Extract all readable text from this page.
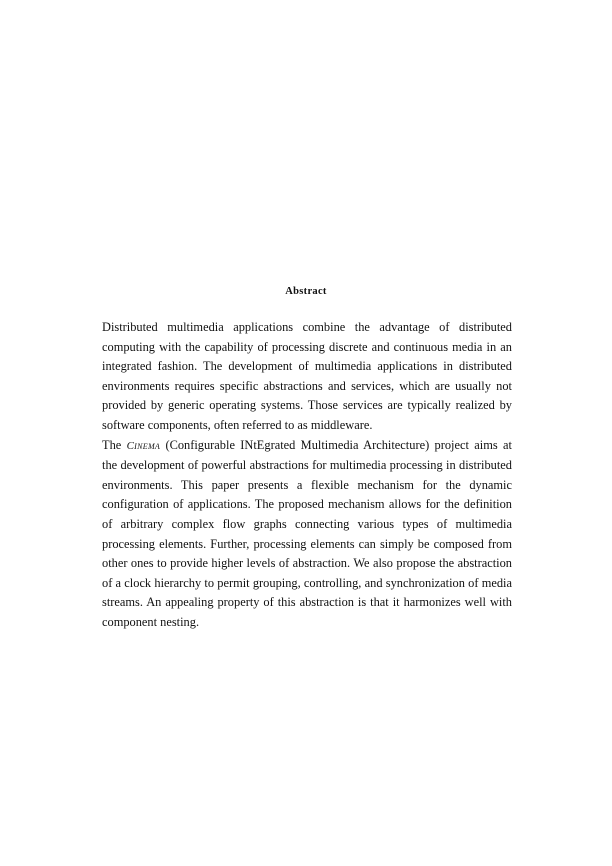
Abstract

Distributed multimedia applications combine the advantage of distributed computing with the capability of processing discrete and continuous media in an integrated fashion. The development of multimedia applications in distributed environments requires specific abstractions and services, which are usually not provided by generic operating systems. Those services are typically realized by software components, often referred to as middleware.

The CINEMA (Configurable INtEgrated Multimedia Architecture) project aims at the development of powerful abstractions for multimedia processing in distributed environments. This paper presents a flexible mechanism for the dynamic configuration of applications. The proposed mechanism allows for the definition of arbitrary complex flow graphs connecting various types of multimedia processing elements. Further, processing elements can simply be composed from other ones to provide higher levels of abstraction. We also propose the abstraction of a clock hierarchy to permit grouping, controlling, and synchronization of media streams. An appealing property of this abstraction is that it harmonizes well with component nesting.
